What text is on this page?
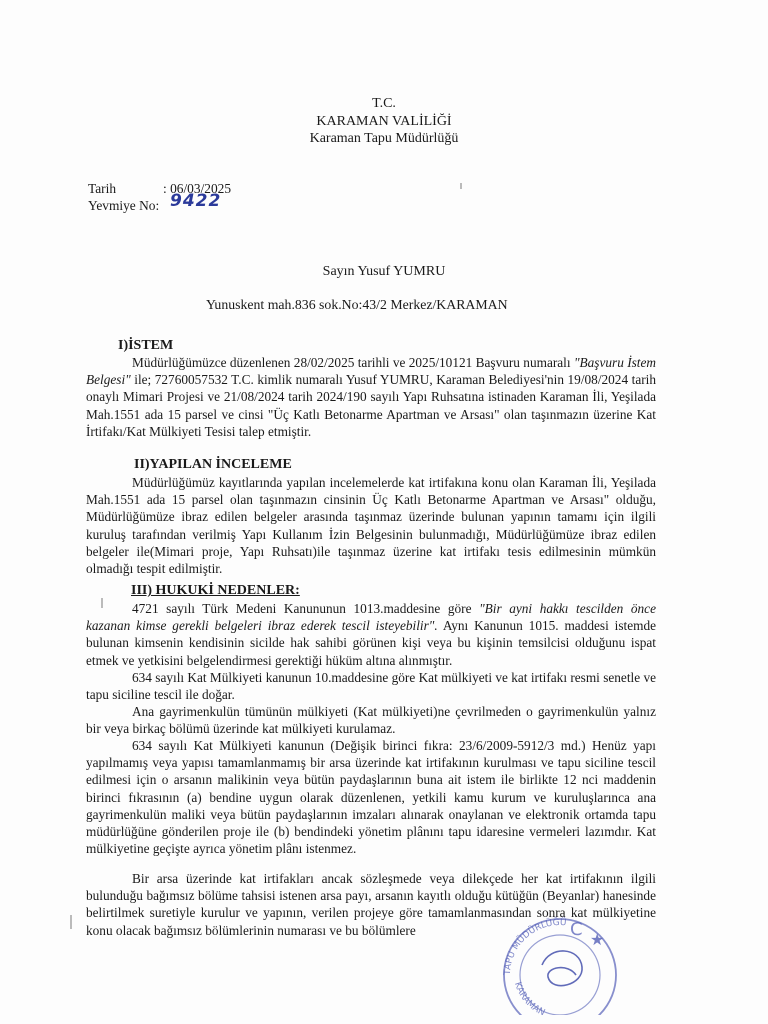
T.C.
KARAMAN VALİLİĞİ
Karaman Tapu Müdürlüğü
Tarih	: 06/03/2025
Yevmiye No: 9422
Sayın Yusuf YUMRU
Yunuskent mah.836 sok.No:43/2 Merkez/KARAMAN
I)İSTEM
Müdürlüğümüzce düzenlenen 28/02/2025 tarihli ve 2025/10121 Başvuru numaralı "Başvuru İstem Belgesi" ile; 72760057532 T.C. kimlik numaralı Yusuf YUMRU, Karaman Belediyesi'nin 19/08/2024 tarih onaylı Mimari Projesi ve 21/08/2024 tarih 2024/190 sayılı Yapı Ruhsatına istinaden Karaman İli, Yeşilada Mah.1551 ada 15 parsel ve cinsi "Üç Katlı Betonarme Apartman ve Arsası" olan taşınmazın üzerine Kat İrtifakı/Kat Mülkiyeti Tesisi talep etmiştir.
II)YAPILAN İNCELEME
Müdürlüğümüz kayıtlarında yapılan incelemelerde kat irtifakına konu olan Karaman İli, Yeşilada Mah.1551 ada 15 parsel olan taşınmazın cinsinin Üç Katlı Betonarme Apartman ve Arsası" olduğu, Müdürlüğümüze ibraz edilen belgeler arasında taşınmaz üzerinde bulunan yapının tamamı için ilgili kuruluş tarafından verilmiş Yapı Kullanım İzin Belgesinin bulunmadığı, Müdürlüğümüze ibraz edilen belgeler ile(Mimari proje, Yapı Ruhsatı)ile taşınmaz üzerine kat irtifakı tesis edilmesinin mümkün olmadığı tespit edilmiştir.
III) HUKUKİ NEDENLER:
4721 sayılı Türk Medeni Kanununun 1013.maddesine göre "Bir ayni hakkı tescilden önce kazanan kimse gerekli belgeleri ibraz ederek tescil isteyebilir". Aynı Kanunun 1015. maddesi istemde bulunan kimsenin kendisinin sicilde hak sahibi görünen kişi veya bu kişinin temsilcisi olduğunu ispat etmek ve yetkisini belgelendirmesi gerektiği hüküm altına alınmıştır.
634 sayılı Kat Mülkiyeti kanunun 10.maddesine göre Kat mülkiyeti ve kat irtifakı resmi senetle ve tapu siciline tescil ile doğar.
Ana gayrimenkulün tümünün mülkiyeti (Kat mülkiyeti)ne çevrilmeden o gayrimenkulün yalnız bir veya birkaç bölümü üzerinde kat mülkiyeti kurulamaz.
634 sayılı Kat Mülkiyeti kanunun (Değişik birinci fıkra: 23/6/2009-5912/3 md.) Henüz yapı yapılmamış veya yapısı tamamlanmamış bir arsa üzerinde kat irtifakının kurulması ve tapu siciline tescil edilmesi için o arsanın malikinin veya bütün paydaşlarının buna ait istem ile birlikte 12 nci maddenin birinci fıkrasının (a) bendine uygun olarak düzenlenen, yetkili kamu kurum ve kuruluşlarınca ana gayrimenkulün maliki veya bütün paydaşlarının imzaları alınarak onaylanan ve elektronik ortamda tapu müdürlüğüne gönderilen proje ile (b) bendindeki yönetim plânını tapu idaresine vermeleri lazımdır. Kat mülkiyetine geçişte ayrıca yönetim plânı istenmez.
Bir arsa üzerinde kat irtifakları ancak sözleşmede veya dilekçede her kat irtifakının ilgili bulunduğu bağımsız bölüme tahsisi istenen arsa payı, arsanın kayıtlı olduğu kütüğün (Beyanlar) hanesinde belirtilmek suretiyle kurulur ve yapının, verilen projeye göre tamamlanmasından sonra kat mülkiyetine konu olacak bağımsız bölümlerinin numarası ve bu bölümlere
TAPU MÜDÜRLÜĞÜ
KARAMAN
★
C
